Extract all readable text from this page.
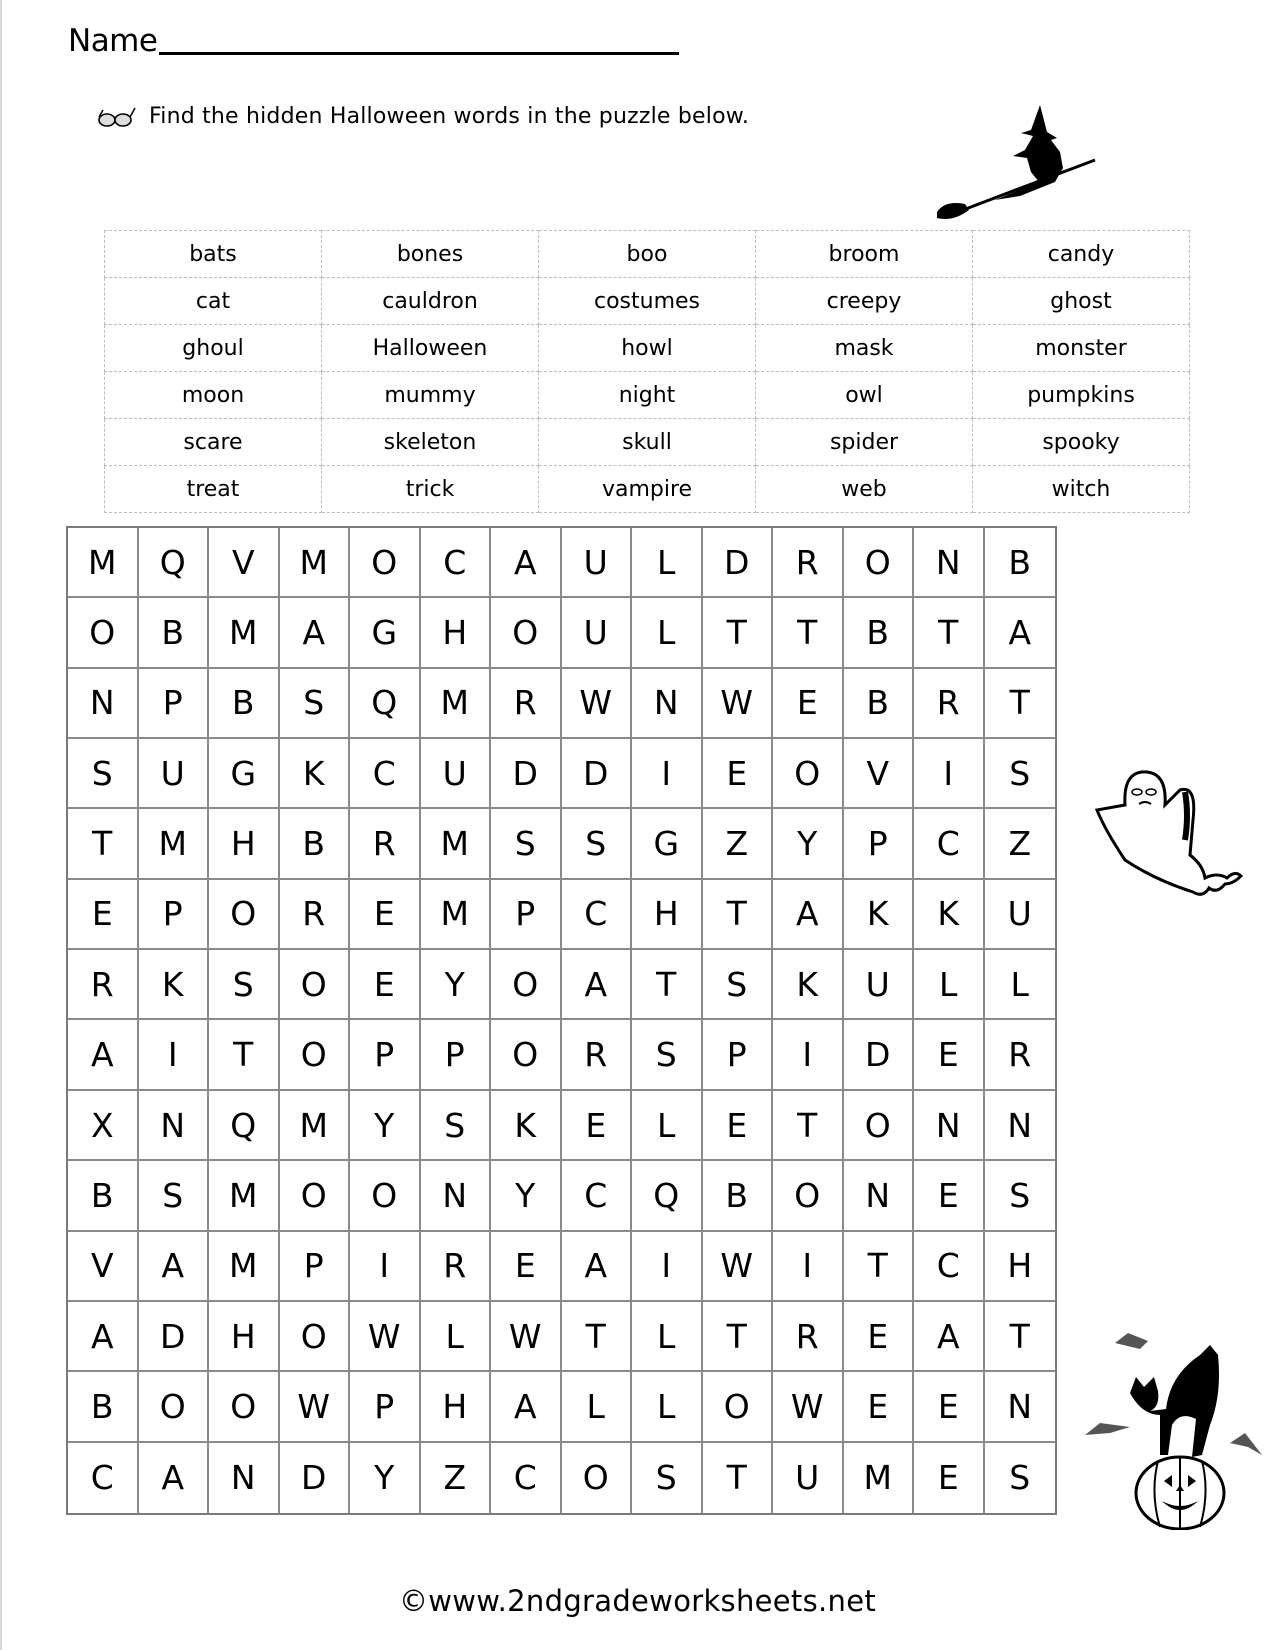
Name
Find the hidden Halloween words in the puzzle below.
bats	bones	boo	broom	candy
cat	cauldron	costumes	creepy	ghost
ghoul	Halloween	howl	mask	monster
moon	mummy	night	owl	pumpkins
scare	skeleton	skull	spider	spooky
treat	trick	vampire	web	witch
M	Q	V	M	O	C	A	U	L	D	R	O	N	B
O	B	M	A	G	H	O	U	L	T	T	B	T	A
N	P	B	S	Q	M	R	W	N	W	E	B	R	T
S	U	G	K	C	U	D	D	I	E	O	V	I	S
T	M	H	B	R	M	S	S	G	Z	Y	P	C	Z
E	P	O	R	E	M	P	C	H	T	A	K	K	U
R	K	S	O	E	Y	O	A	T	S	K	U	L	L
A	I	T	O	P	P	O	R	S	P	I	D	E	R
X	N	Q	M	Y	S	K	E	L	E	T	O	N	N
B	S	M	O	O	N	Y	C	Q	B	O	N	E	S
V	A	M	P	I	R	E	A	I	W	I	T	C	H
A	D	H	O	W	L	W	T	L	T	R	E	A	T
B	O	O	W	P	H	A	L	L	O	W	E	E	N
C	A	N	D	Y	Z	C	O	S	T	U	M	E	S
©www.2ndgradeworksheets.net
